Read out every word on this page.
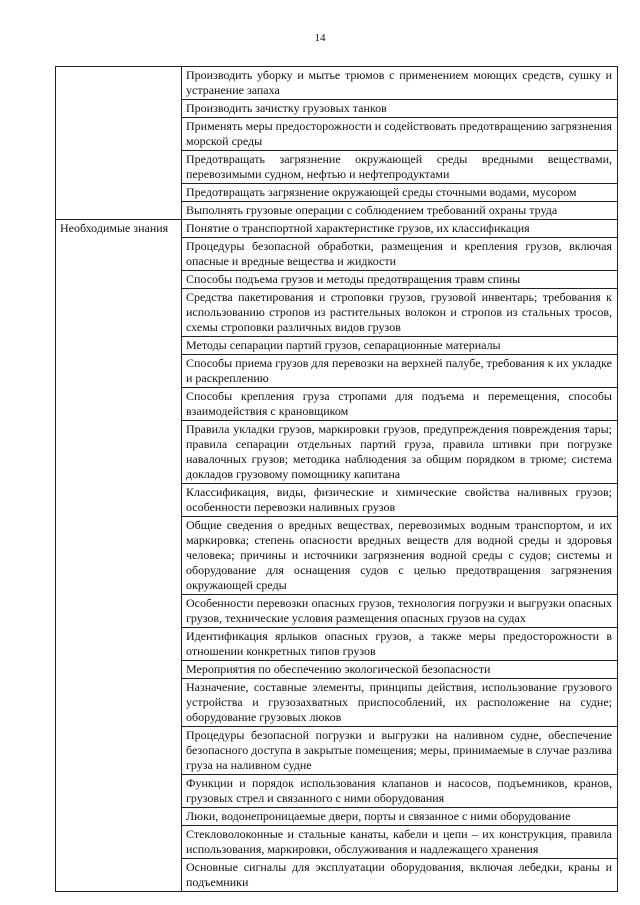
14
	Производить уборку и мытье трюмов с применением моющих средств, сушку и устранение запаха
	Производить зачистку грузовых танков
	Применять меры предосторожности и содействовать предотвращению загрязнения морской среды
	Предотвращать загрязнение окружающей среды вредными веществами, перевозимыми судном, нефтью и нефтепродуктами
	Предотвращать загрязнение окружающей среды сточными водами, мусором
	Выполнять грузовые операции с соблюдением требований охраны труда
Необходимые знания	Понятие о транспортной характеристике грузов, их классификация
	Процедуры безопасной обработки, размещения и крепления грузов, включая опасные и вредные вещества и жидкости
	Способы подъема грузов и методы предотвращения травм спины
	Средства пакетирования и строповки грузов, грузовой инвентарь; требования к использованию стропов из растительных волокон и стропов из стальных тросов, схемы строповки различных видов грузов
	Методы сепарации партий грузов, сепарационные материалы
	Способы приема грузов для перевозки на верхней палубе, требования к их укладке и раскреплению
	Способы крепления груза стропами для подъема и перемещения, способы взаимодействия с крановщиком
	Правила укладки грузов, маркировки грузов, предупреждения повреждения тары; правила сепарации отдельных партий груза, правила штивки при погрузке навалочных грузов; методика наблюдения за общим порядком в трюме; система докладов грузовому помощнику капитана
	Классификация, виды, физические и химические свойства наливных грузов; особенности перевозки наливных грузов
	Общие сведения о вредных веществах, перевозимых водным транспортом, и их маркировка; степень опасности вредных веществ для водной среды и здоровья человека; причины и источники загрязнения водной среды с судов; системы и оборудование для оснащения судов с целью предотвращения загрязнения окружающей среды
	Особенности перевозки опасных грузов, технология погрузки и выгрузки опасных грузов, технические условия размещения опасных грузов на судах
	Идентификация ярлыков опасных грузов, а также меры предосторожности в отношении конкретных типов грузов
	Мероприятия по обеспечению экологической безопасности
	Назначение, составные элементы, принципы действия, использование грузового устройства и грузозахватных приспособлений, их расположение на судне; оборудование грузовых люков
	Процедуры безопасной погрузки и выгрузки на наливном судне, обеспечение безопасного доступа в закрытые помещения; меры, принимаемые в случае разлива груза на наливном судне
	Функции и порядок использования клапанов и насосов, подъемников, кранов, грузовых стрел и связанного с ними оборудования
	Люки, водонепроницаемые двери, порты и связанное с ними оборудование
	Стекловолоконные и стальные канаты, кабели и цепи – их конструкция, правила использования, маркировки, обслуживания и надлежащего хранения
	Основные сигналы для эксплуатации оборудования, включая лебедки, краны и подъемники
